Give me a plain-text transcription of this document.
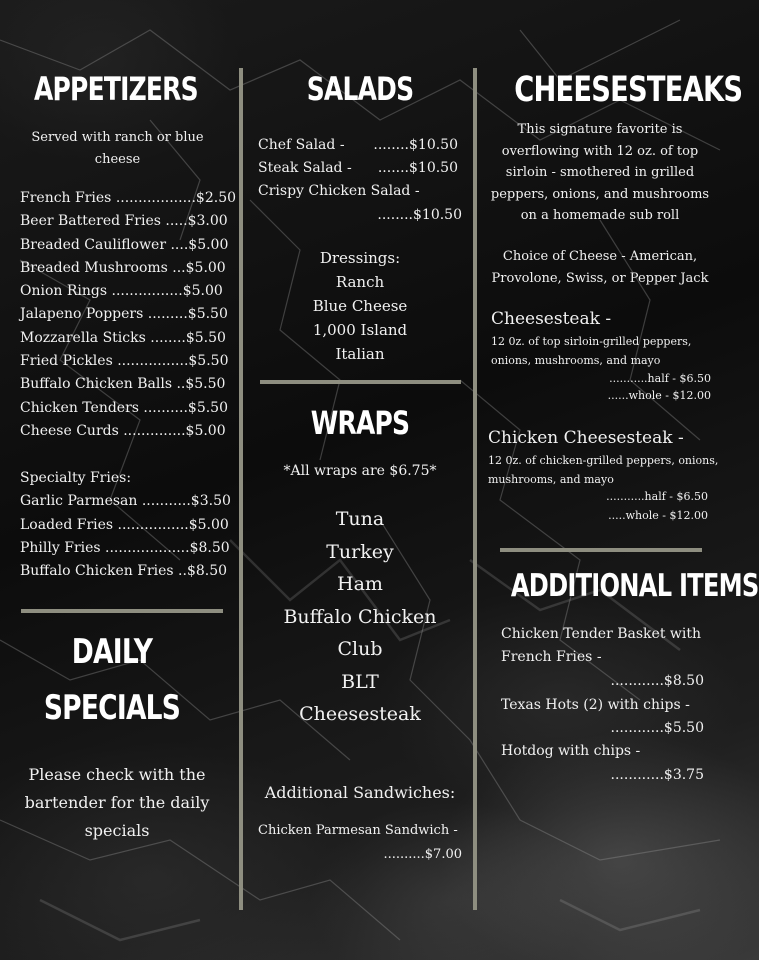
APPETIZERS
Served with ranch or blue
cheese
French Fries ..................$2.50
Beer Battered Fries .....$3.00
Breaded Cauliflower ....$5.00
Breaded Mushrooms ...$5.00
Onion Rings ................$5.00
Jalapeno Poppers .........$5.50
Mozzarella Sticks ........$5.50
Fried Pickles ................$5.50
Buffalo Chicken Balls ..$5.50
Chicken Tenders ..........$5.50
Cheese Curds ..............$5.00
Specialty Fries:
Garlic Parmesan ...........$3.50
Loaded Fries ................$5.00
Philly Fries ...................$8.50
Buffalo Chicken Fries ..$8.50
DAILY
SPECIALS
Please check with the
bartender for the daily
specials
SALADS
Chef Salad - ........$10.50
Steak Salad - .......$10.50
Crispy Chicken Salad -
........$10.50
Dressings:
Ranch
Blue Cheese
1,000 Island
Italian
WRAPS
*All wraps are $6.75*
Tuna
Turkey
Ham
Buffalo Chicken
Club
BLT
Cheesesteak
Additional Sandwiches:
Chicken Parmesan Sandwich -
..........$7.00
CHEESESTEAKS
This signature favorite is
overflowing with 12 oz. of top
sirloin - smothered in grilled
peppers, onions, and mushrooms
on a homemade sub roll
Choice of Cheese - American,
Provolone, Swiss, or Pepper Jack
Cheesesteak -
12 0z. of top sirloin-grilled peppers,
onions, mushrooms, and mayo
...........half - $6.50
......whole - $12.00
Chicken Cheesesteak -
12 0z. of chicken-grilled peppers, onions,
mushrooms, and mayo
...........half - $6.50
.....whole - $12.00
ADDITIONAL ITEMS
Chicken Tender Basket with
French Fries -
............$8.50
Texas Hots (2) with chips -
............$5.50
Hotdog with chips -
............$3.75
